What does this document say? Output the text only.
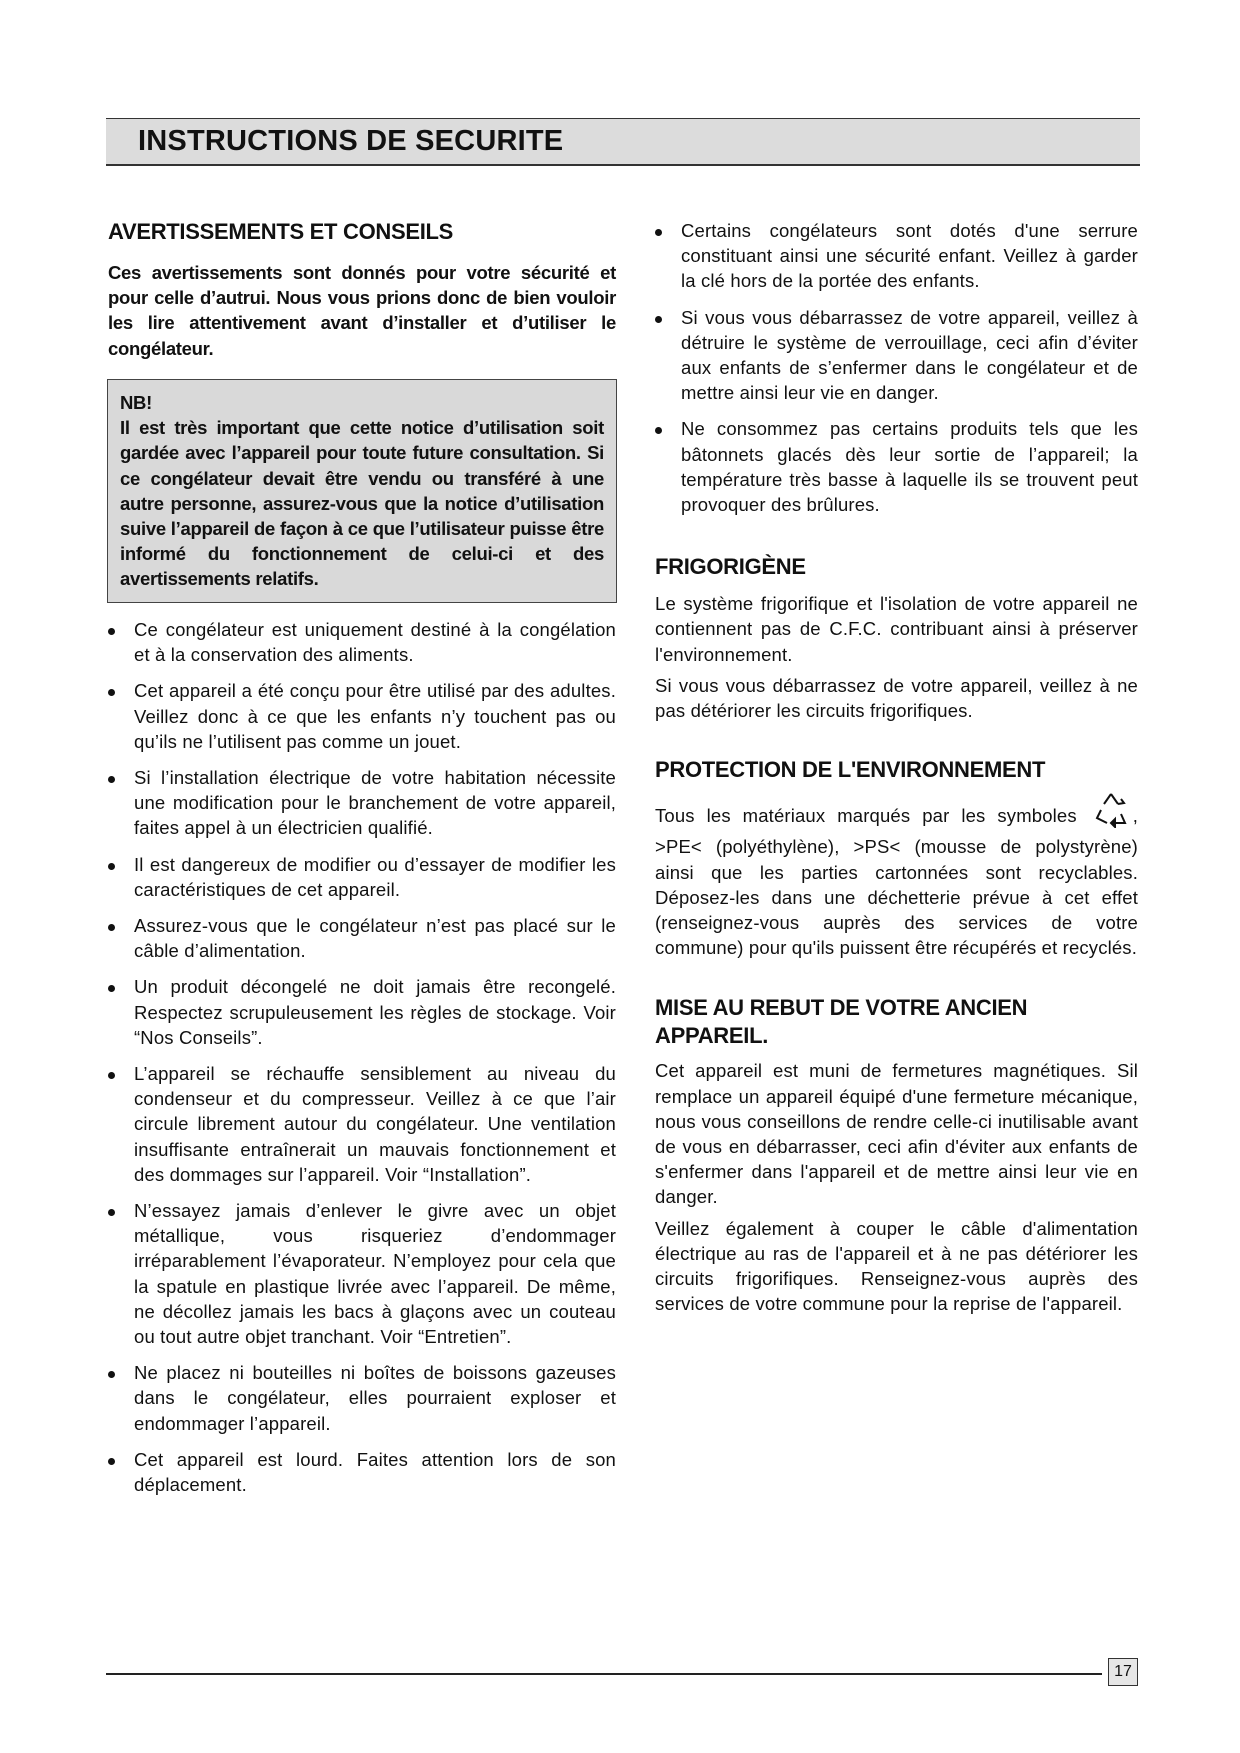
INSTRUCTIONS DE SECURITE
AVERTISSEMENTS ET CONSEILS

Ces avertissements sont donnés pour votre sécurité et pour celle d’autrui. Nous vous prions donc de bien vouloir les lire attentivement avant d’installer et d’utiliser le congélateur.

NB!

Il est très important que cette notice d’utilisation soit gardée avec l’appareil pour toute future consultation. Si ce congélateur devait être vendu ou transféré à une autre personne, assurez-vous que la notice d’utilisation suive l’appareil de façon à ce que l’utilisateur puisse être informé du fonctionnement de celui-ci et des avertissements relatifs.

Ce congélateur est uniquement destiné à la congélation et à la conservation des aliments.
Cet appareil a été conçu pour être utilisé par des adultes. Veillez donc à ce que les enfants n’y touchent pas ou qu’ils ne l’utilisent pas comme un jouet.
Si l’installation électrique de votre habitation nécessite une modification pour le branchement de votre appareil, faites appel à un électricien qualifié.
Il est dangereux de modifier ou d’essayer de modifier les caractéristiques de cet appareil.
Assurez-vous que le congélateur n’est pas placé sur le câble d’alimentation.
Un produit décongelé ne doit jamais être recongelé. Respectez scrupuleusement les règles de stockage. Voir “Nos Conseils”.
L’appareil se réchauffe sensiblement au niveau du condenseur et du compresseur. Veillez à ce que l’air circule librement autour du congélateur. Une ventilation insuffisante entraînerait un mauvais fonctionnement et des dommages sur l’appareil. Voir “Installation”.
N’essayez jamais d’enlever le givre avec un objet métallique, vous risqueriez d’endommager irréparablement l’évaporateur. N’employez pour cela que la spatule en plastique livrée avec l’appareil. De même, ne décollez jamais les bacs à glaçons avec un couteau ou tout autre objet tranchant. Voir “Entretien”.
Ne placez ni bouteilles ni boîtes de boissons gazeuses dans le congélateur, elles pourraient exploser et endommager l’appareil.
Cet appareil est lourd. Faites attention lors de son déplacement.
Certains congélateurs sont dotés d'une serrure constituant ainsi une sécurité enfant. Veillez à garder la clé hors de la portée des enfants.
Si vous vous débarrassez de votre appareil, veillez à détruire le système de verrouillage, ceci afin d’éviter aux enfants de s’enfermer dans le congélateur et de mettre ainsi leur vie en danger.
Ne consommez pas certains produits tels que les bâtonnets glacés dès leur sortie de l’appareil; la température très basse à laquelle ils se trouvent peut provoquer des brûlures.
FRIGORIGÈNE

Le système frigorifique et l'isolation de votre appareil ne contiennent pas de C.F.C. contribuant ainsi à préserver l'environnement.

Si vous vous débarrassez de votre appareil, veillez à ne pas détériorer les circuits frigorifiques.

PROTECTION DE L'ENVIRONNEMENT

Tous les matériaux marqués par les symboles	, >PE< (polyéthylène), >PS< (mousse de polystyrène) ainsi que les parties cartonnées sont recyclables. Déposez-les dans une déchetterie prévue à cet effet (renseignez-vous auprès des services de votre commune) pour qu'ils puissent être récupérés et recyclés.

MISE AU REBUT DE VOTRE ANCIEN APPAREIL.

Cet appareil est muni de fermetures magnétiques. Sil remplace un appareil équipé d'une fermeture mécanique, nous vous conseillons de rendre celle-ci inutilisable avant de vous en débarrasser, ceci afin d'éviter aux enfants de s'enfermer dans l'appareil et de mettre ainsi leur vie en danger.

Veillez également à couper le câble d'alimentation électrique au ras de l'appareil et à ne pas détériorer les circuits frigorifiques. Renseignez-vous auprès des services de votre commune pour la reprise de l'appareil.

17
